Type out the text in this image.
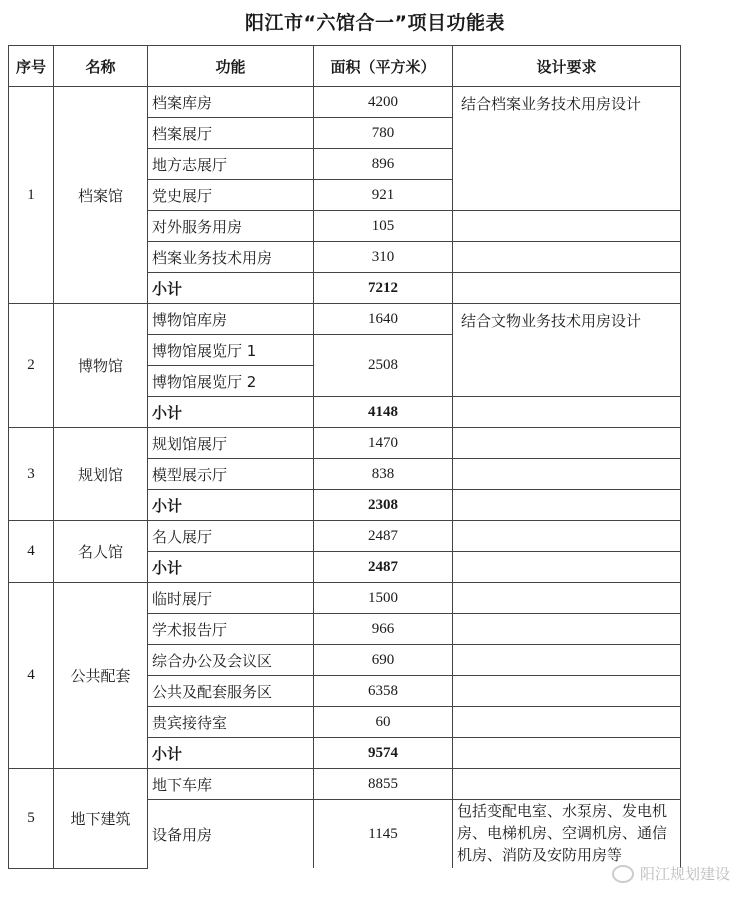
阳江市“六馆合一”项目功能表
序号	名称	功能	面积（平方米）	设计要求
1	档案馆	档案库房	4200	结合档案业务技术用房设计
		档案展厅	780	
		地方志展厅	896	
		党史展厅	921	
		对外服务用房	105	
		档案业务技术用房	310	
		小计	7212	
2	博物馆	博物馆库房	1640	结合文物业务技术用房设计
		博物馆展览厅 1	2508	
		博物馆展览厅 2		
		小计	4148	
3	规划馆	规划馆展厅	1470	
		模型展示厅	838	
		小计	2308	
4	名人馆	名人展厅	2487	
		小计	2487	
4	公共配套	临时展厅	1500	
		学术报告厅	966	
		综合办公及会议区	690	
		公共及配套服务区	6358	
		贵宾接待室	60	
		小计	9574	
5	地下建筑	地下车库	8855	
		设备用房	1145	包括变配电室、水泵房、发电机房、电梯机房、空调机房、通信机房、消防及安防用房等
阳江规划建设
